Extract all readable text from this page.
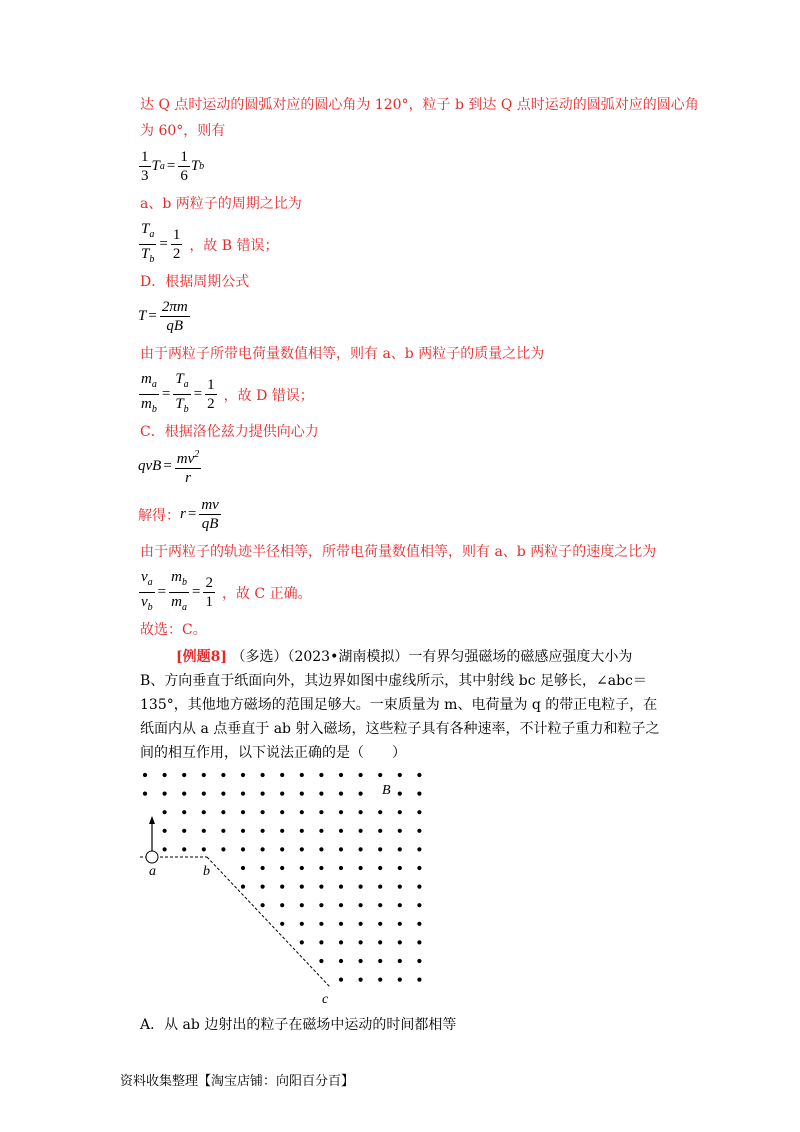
达 Q 点时运动的圆弧对应的圆心角为 120°，粒子 b 到达 Q 点时运动的圆弧对应的圆心角
为 60°，则有
$\frac{1}{3}$ T $a = \frac{1}{6}$ T b
a、b 两粒子的周期之比为
$\frac{T_a}{T_b} = \frac{1}{2}$ ，故 B 错误；
D．根据周期公式
$T = \frac{2\pi m}{qB}$
由于两粒子所带电荷量数值相等，则有 a、b 两粒子的质量之比为
$\frac{m_a}{m_b} = \frac{T_a}{T_b} = \frac{1}{2}$ ，故 D 错误；
C．根据洛伦兹力提供向心力
qvB = $\frac{mv^2}{r}$
解得： $r = \frac{mv}{qB}$
由于两粒子的轨迹半径相等，所带电荷量数值相等，则有 a、b 两粒子的速度之比为
$\frac{v_a}{v_b} = \frac{m_b}{m_a} = \frac{2}{1}$ ，故 C 正确。
故选：C。
[例题8] （多选）（2023•湖南模拟）一有界匀强磁场的磁感应强度大小为 B、方向垂直于纸面向外，其边界如图中虚线所示，其中射线 bc 足够长，∠abc＝135°，其他地方磁场的范围足够大。一束质量为 m、电荷量为 q 的带正电粒子，在纸面内从 a 点垂直于 ab 射入磁场，这些粒子具有各种速率，不计粒子重力和粒子之间的相互作用，以下说法正确的是（　　）
B
a	b
c
A．从 ab 边射出的粒子在磁场中运动的时间都相等
资料收集整理【淘宝店铺：向阳百分百】
